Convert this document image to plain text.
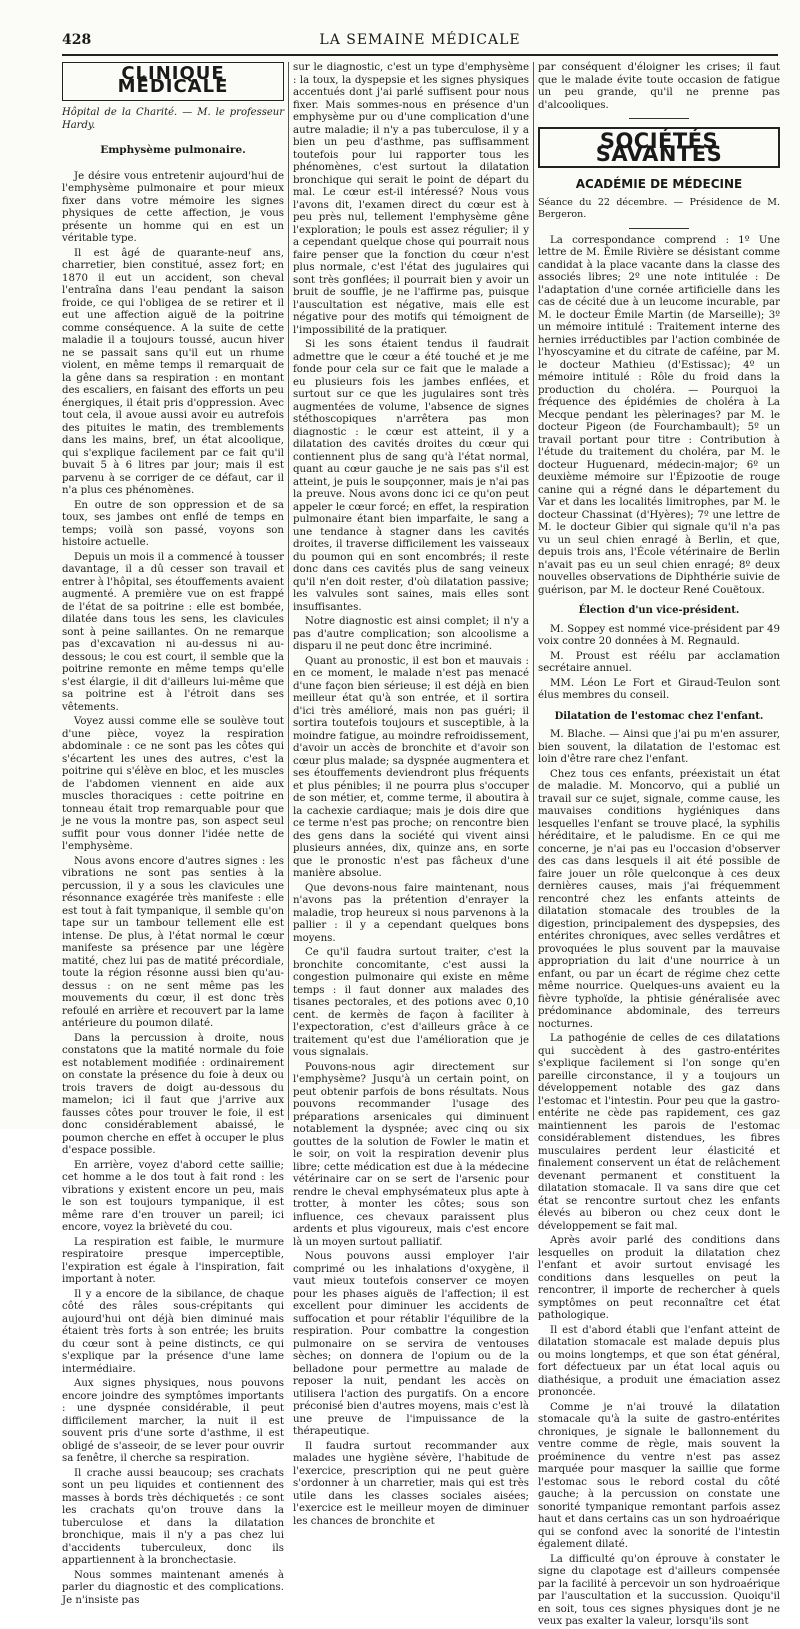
428	LA SEMAINE MÉDICALE
CLINIQUE MÉDICALE

Hôpital de la Charité. — M. le professeur Hardy.

Emphysème pulmonaire.

Je désire vous entretenir aujourd'hui de l'emphysème pulmonaire et pour mieux fixer dans votre mémoire les signes physiques de cette affection, je vous présente un homme qui en est un véritable type.

Il est âgé de quarante-neuf ans, charretier, bien constitué, assez fort; en 1870 il eut un accident, son cheval l'entraîna dans l'eau pendant la saison froide, ce qui l'obligea de se retirer et il eut une affection aiguë de la poitrine comme conséquence. A la suite de cette maladie il a toujours toussé, aucun hiver ne se passait sans qu'il eut un rhume violent, en même temps il remarquait de la gêne dans sa respiration : en montant des escaliers, en faisant des efforts un peu énergiques, il était pris d'oppression. Avec tout cela, il avoue aussi avoir eu autrefois des pituites le matin, des tremblements dans les mains, bref, un état alcoolique, qui s'explique facilement par ce fait qu'il buvait 5 à 6 litres par jour; mais il est parvenu à se corriger de ce défaut, car il n'a plus ces phénomènes.

En outre de son oppression et de sa toux, ses jambes ont enflé de temps en temps; voilà son passé, voyons son histoire actuelle.

Depuis un mois il a commencé à tousser davantage, il a dû cesser son travail et entrer à l'hôpital, ses étouffements avaient augmenté. A première vue on est frappé de l'état de sa poitrine : elle est bombée, dilatée dans tous les sens, les clavicules sont à peine saillantes. On ne remarque pas d'excavation ni au-dessus ni au-dessous; le cou est court, il semble que la poitrine remonte en même temps qu'elle s'est élargie, il dit d'ailleurs lui-même que sa poitrine est à l'étroit dans ses vêtements.

Voyez aussi comme elle se soulève tout d'une pièce, voyez la respiration abdominale : ce ne sont pas les côtes qui s'écartent les unes des autres, c'est la poitrine qui s'élève en bloc, et les muscles de l'abdomen viennent en aide aux muscles thoraciques : cette poitrine en tonneau était trop remarquable pour que je ne vous la montre pas, son aspect seul suffit pour vous donner l'idée nette de l'emphysème.

Nous avons encore d'autres signes : les vibrations ne sont pas senties à la percussion, il y a sous les clavicules une résonnance exagérée très manifeste : elle est tout à fait tympanique, il semble qu'on tape sur un tambour tellement elle est intense. De plus, à l'état normal le cœur manifeste sa présence par une légère matité, chez lui pas de matité précordiale, toute la région résonne aussi bien qu'au-dessus : on ne sent même pas les mouvements du cœur, il est donc très refoulé en arrière et recouvert par la lame antérieure du poumon dilaté.

Dans la percussion à droite, nous constatons que la matité normale du foie est notablement modifiée : ordinairement on constate la présence du foie à deux ou trois travers de doigt au-dessous du mamelon; ici il faut que j'arrive aux fausses côtes pour trouver le foie, il est donc considérablement abaissé, le poumon cherche en effet à occuper le plus d'espace possible.

En arrière, voyez d'abord cette saillie; cet homme a le dos tout à fait rond : les vibrations y existent encore un peu, mais le son est toujours tympanique, il est même rare d'en trouver un pareil; ici encore, voyez la brièveté du cou.

La respiration est faible, le murmure respiratoire presque imperceptible, l'expiration est égale à l'inspiration, fait important à noter.

Il y a encore de la sibilance, de chaque côté des râles sous-crépitants qui aujourd'hui ont déjà bien diminué mais étaient très forts à son entrée; les bruits du cœur sont à peine distincts, ce qui s'explique par la présence d'une lame intermédiaire.

Aux signes physiques, nous pouvons encore joindre des symptômes importants : une dyspnée considérable, il peut difficilement marcher, la nuit il est souvent pris d'une sorte d'asthme, il est obligé de s'asseoir, de se lever pour ouvrir sa fenêtre, il cherche sa respiration.

Il crache aussi beaucoup; ses crachats sont un peu liquides et contiennent des masses à bords très déchiquetés : ce sont les crachats qu'on trouve dans la tuberculose et dans la dilatation bronchique, mais il n'y a pas chez lui d'accidents tuberculeux, donc ils appartiennent à la bronchectasie.

Nous sommes maintenant amenés à parler du diagnostic et des complications. Je n'insiste pas

sur le diagnostic, c'est un type d'emphysème : la toux, la dyspepsie et les signes physiques accentués dont j'ai parlé suffisent pour nous fixer. Mais sommes-nous en présence d'un emphysème pur ou d'une complication d'une autre maladie; il n'y a pas tuberculose, il y a bien un peu d'asthme, pas suffisamment toutefois pour lui rapporter tous les phénomènes, c'est surtout la dilatation bronchique qui serait le point de départ du mal. Le cœur est-il intéressé? Nous vous l'avons dit, l'examen direct du cœur est à peu près nul, tellement l'emphysème gêne l'exploration; le pouls est assez régulier; il y a cependant quelque chose qui pourrait nous faire penser que la fonction du cœur n'est plus normale, c'est l'état des jugulaires qui sont très gonflées; il pourrait bien y avoir un bruit de souffle, je ne l'affirme pas, puisque l'auscultation est négative, mais elle est négative pour des motifs qui témoignent de l'impossibilité de la pratiquer.

Si les sons étaient tendus il faudrait admettre que le cœur a été touché et je me fonde pour cela sur ce fait que le malade a eu plusieurs fois les jambes enflées, et surtout sur ce que les jugulaires sont très augmentées de volume, l'absence de signes stéthoscopiques n'arrêtera pas mon diagnostic : le cœur est atteint, il y a dilatation des cavités droites du cœur qui contiennent plus de sang qu'à l'état normal, quant au cœur gauche je ne sais pas s'il est atteint, je puis le soupçonner, mais je n'ai pas la preuve. Nous avons donc ici ce qu'on peut appeler le cœur forcé; en effet, la respiration pulmonaire étant bien imparfaite, le sang a une tendance à stagner dans les cavités droites, il traverse difficilement les vaisseaux du poumon qui en sont encombrés; il reste donc dans ces cavités plus de sang veineux qu'il n'en doit rester, d'où dilatation passive; les valvules sont saines, mais elles sont insuffisantes.

Notre diagnostic est ainsi complet; il n'y a pas d'autre complication; son alcoolisme a disparu il ne peut donc être incriminé.

Quant au pronostic, il est bon et mauvais : en ce moment, le malade n'est pas menacé d'une façon bien sérieuse; il est déjà en bien meilleur état qu'à son entrée, et il sortira d'ici très amélioré, mais non pas guéri; il sortira toutefois toujours et susceptible, à la moindre fatigue, au moindre refroidissement, d'avoir un accès de bronchite et d'avoir son cœur plus malade; sa dyspnée augmentera et ses étouffements deviendront plus fréquents et plus pénibles; il ne pourra plus s'occuper de son métier, et, comme terme, il aboutira à la cachexie cardiaque; mais je dois dire que ce terme n'est pas proche; on rencontre bien des gens dans la société qui vivent ainsi plusieurs années, dix, quinze ans, en sorte que le pronostic n'est pas fâcheux d'une manière absolue.

Que devons-nous faire maintenant, nous n'avons pas la prétention d'enrayer la maladie, trop heureux si nous parvenons à la pallier : il y a cependant quelques bons moyens.

Ce qu'il faudra surtout traiter, c'est la bronchite concomitante, c'est aussi la congestion pulmonaire qui existe en même temps : il faut donner aux malades des tisanes pectorales, et des potions avec 0,10 cent. de kermès de façon à faciliter à l'expectoration, c'est d'ailleurs grâce à ce traitement qu'est due l'amélioration que je vous signalais.

Pouvons-nous agir directement sur l'emphysème? Jusqu'à un certain point, on peut obtenir parfois de bons résultats. Nous pouvons recommander l'usage des préparations arsenicales qui diminuent notablement la dyspnée; avec cinq ou six gouttes de la solution de Fowler le matin et le soir, on voit la respiration devenir plus libre; cette médication est due à la médecine vétérinaire car on se sert de l'arsenic pour rendre le cheval emphysémateux plus apte à trotter, à monter les côtes; sous son influence, ces chevaux paraissent plus ardents et plus vigoureux, mais c'est encore là un moyen surtout palliatif.

Nous pouvons aussi employer l'air comprimé ou les inhalations d'oxygène, il vaut mieux toutefois conserver ce moyen pour les phases aiguës de l'affection; il est excellent pour diminuer les accidents de suffocation et pour rétablir l'équilibre de la respiration. Pour combattre la congestion pulmonaire on se servira de ventouses sèches; on donnera de l'opium ou de la belladone pour permettre au malade de reposer la nuit, pendant les accès on utilisera l'action des purgatifs. On a encore préconisé bien d'autres moyens, mais c'est là une preuve de l'impuissance de la thérapeutique.

Il faudra surtout recommander aux malades une hygiène sévère, l'habitude de l'exercice, prescription qui ne peut guère s'ordonner à un charretier, mais qui est très utile dans les classes sociales aisées; l'exercice est le meilleur moyen de diminuer les chances de bronchite et

par conséquent d'éloigner les crises; il faut que le malade évite toute occasion de fatigue un peu grande, qu'il ne prenne pas d'alcooliques.

SOCIÉTÉS SAVANTES
ACADÉMIE DE MÉDECINE

Séance du 22 décembre. — Présidence de M. Bergeron.

La correspondance comprend : 1º Une lettre de M. Émile Rivière se désistant comme candidat à la place vacante dans la classe des associés libres; 2º une note intitulée : De l'adaptation d'une cornée artificielle dans les cas de cécité due à un leucome incurable, par M. le docteur Émile Martin (de Marseille); 3º un mémoire intitulé : Traitement interne des hernies irréductibles par l'action combinée de l'hyoscyamine et du citrate de caféine, par M. le docteur Mathieu (d'Estissac); 4º un mémoire intitulé : Rôle du froid dans la production du choléra. — Pourquoi la fréquence des épidémies de choléra à La Mecque pendant les pèlerinages? par M. le docteur Pigeon (de Fourchambault); 5º un travail portant pour titre : Contribution à l'étude du traitement du choléra, par M. le docteur Huguenard, médecin-major; 6º un deuxième mémoire sur l'Épizootie de rouge canine qui a régné dans le département du Var et dans les localités limitrophes, par M. le docteur Chassinat (d'Hyères); 7º une lettre de M. le docteur Gibier qui signale qu'il n'a pas vu un seul chien enragé à Berlin, et que, depuis trois ans, l'École vétérinaire de Berlin n'avait pas eu un seul chien enragé; 8º deux nouvelles observations de Diphthérie suivie de guérison, par M. le docteur René Couëtoux.

Élection d'un vice-président.

M. Soppey est nommé vice-président par 49 voix contre 20 données à M. Regnauld.

M. Proust est réélu par acclamation secrétaire annuel.

MM. Léon Le Fort et Giraud-Teulon sont élus membres du conseil.

Dilatation de l'estomac chez l'enfant.

M. Blache. — Ainsi que j'ai pu m'en assurer, bien souvent, la dilatation de l'estomac est loin d'être rare chez l'enfant.

Chez tous ces enfants, préexistait un état de maladie. M. Moncorvo, qui a publié un travail sur ce sujet, signale, comme cause, les mauvaises conditions hygiéniques dans lesquelles l'enfant se trouve placé, la syphilis héréditaire, et le paludisme. En ce qui me concerne, je n'ai pas eu l'occasion d'observer des cas dans lesquels il ait été possible de faire jouer un rôle quelconque à ces deux dernières causes, mais j'ai fréquemment rencontré chez les enfants atteints de dilatation stomacale des troubles de la digestion, principalement des dyspepsies, des entérites chroniques, avec selles verdâtres et provoquées le plus souvent par la mauvaise appropriation du lait d'une nourrice à un enfant, ou par un écart de régime chez cette même nourrice. Quelques-uns avaient eu la fièvre typhoïde, la phtisie généralisée avec prédominance abdominale, des terreurs nocturnes.

La pathogénie de celles de ces dilatations qui succèdent à des gastro-entérites s'explique facilement si l'on songe qu'en pareille circonstance, il y a toujours un développement notable des gaz dans l'estomac et l'intestin. Pour peu que la gastro-entérite ne cède pas rapidement, ces gaz maintiennent les parois de l'estomac considérablement distendues, les fibres musculaires perdent leur élasticité et finalement conservent un état de relâchement devenant permanent et constituent la dilatation stomacale. Il va sans dire que cet état se rencontre surtout chez les enfants élevés au biberon ou chez ceux dont le développement se fait mal.

Après avoir parlé des conditions dans lesquelles on produit la dilatation chez l'enfant et avoir surtout envisagé les conditions dans lesquelles on peut la rencontrer, il importe de rechercher à quels symptômes on peut reconnaître cet état pathologique.

Il est d'abord établi que l'enfant atteint de dilatation stomacale est malade depuis plus ou moins longtemps, et que son état général, fort défectueux par un état local aquis ou diathésique, a produit une émaciation assez prononcée.

Comme je n'ai trouvé la dilatation stomacale qu'à la suite de gastro-entérites chroniques, je signale le ballonnement du ventre comme de règle, mais souvent la proéminence du ventre n'est pas assez marquée pour masquer la saillie que forme l'estomac sous le rebord costal du côté gauche; à la percussion on constate une sonorité tympanique remontant parfois assez haut et dans certains cas un son hydroaérique qui se confond avec la sonorité de l'intestin également dilaté.

La difficulté qu'on éprouve à constater le signe du clapotage est d'ailleurs compensée par la facilité à percevoir un son hydroaérique par l'auscultation et la succussion. Quoiqu'il en soit, tous ces signes physiques dont je ne veux pas exalter la valeur, lorsqu'ils sont
